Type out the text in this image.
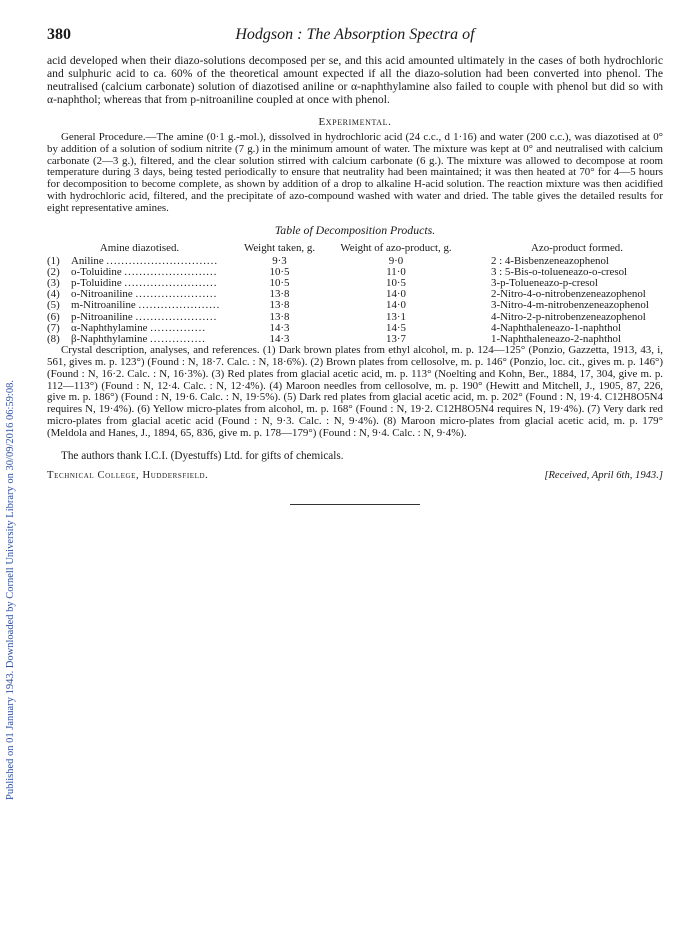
Published on 01 January 1943. Downloaded by Cornell University Library on 30/09/2016 06:59:08.
380	Hodgson : The Absorption Spectra of

acid developed when their diazo-solutions decomposed per se, and this acid amounted ultimately in the cases of both hydrochloric and sulphuric acid to ca. 60% of the theoretical amount expected if all the diazo-solution had been converted into phenol. The neutralised (calcium carbonate) solution of diazotised aniline or α-naphthylamine also failed to couple with phenol but did so with α-naphthol; whereas that from p-nitroaniline coupled at once with phenol.

Experimental.

General Procedure.—The amine (0·1 g.-mol.), dissolved in hydrochloric acid (24 c.c., d 1·16) and water (200 c.c.), was diazotised at 0° by addition of a solution of sodium nitrite (7 g.) in the minimum amount of water. The mixture was kept at 0° and neutralised with calcium carbonate (2—3 g.), filtered, and the clear solution stirred with calcium carbonate (6 g.). The mixture was allowed to decompose at room temperature during 3 days, being tested periodically to ensure that neutrality had been maintained; it was then heated at 70° for 4—5 hours for decomposition to become complete, as shown by addition of a drop to alkaline H-acid solution. The reaction mixture was then acidified with hydrochloric acid, filtered, and the precipitate of azo-compound washed with water and dried. The table gives the detailed results for eight representative amines.

Table of Decomposition Products.
Amine diazotised.	Weight taken, g.	Weight of azo-product, g.	Azo-product formed.
(1) Aniline ..............................	9·3	9·0	2 : 4-Bisbenzeneazophenol
(2) o-Toluidine .........................	10·5	11·0	3 : 5-Bis-o-tolueneazo-o-cresol
(3) p-Toluidine .........................	10·5	10·5	3-p-Tolueneazo-p-cresol
(4) o-Nitroaniline ......................	13·8	14·0	2-Nitro-4-o-nitrobenzeneazophenol
(5) m-Nitroaniline ......................	13·8	14·0	3-Nitro-4-m-nitrobenzeneazophenol
(6) p-Nitroaniline ......................	13·8	13·1	4-Nitro-2-p-nitrobenzeneazophenol
(7) α-Naphthylamine ...............	14·3	14·5	4-Naphthaleneazo-1-naphthol
(8) β-Naphthylamine ...............	14·3	13·7	1-Naphthaleneazo-2-naphthol

Crystal description, analyses, and references. (1) Dark brown plates from ethyl alcohol, m. p. 124—125° (Ponzio, Gazzetta, 1913, 43, i, 561, gives m. p. 123°) (Found : N, 18·7. Calc. : N, 18·6%). (2) Brown plates from cellosolve, m. p. 146° (Ponzio, loc. cit., gives m. p. 146°) (Found : N, 16·2. Calc. : N, 16·3%). (3) Red plates from glacial acetic acid, m. p. 113° (Noelting and Kohn, Ber., 1884, 17, 304, give m. p. 112—113°) (Found : N, 12·4. Calc. : N, 12·4%). (4) Maroon needles from cellosolve, m. p. 190° (Hewitt and Mitchell, J., 1905, 87, 226, give m. p. 186°) (Found : N, 19·6. Calc. : N, 19·5%). (5) Dark red plates from glacial acetic acid, m. p. 202° (Found : N, 19·4. C12H8O5N4 requires N, 19·4%). (6) Yellow micro-plates from alcohol, m. p. 168° (Found : N, 19·2. C12H8O5N4 requires N, 19·4%). (7) Very dark red micro-plates from glacial acetic acid (Found : N, 9·3. Calc. : N, 9·4%). (8) Maroon micro-plates from glacial acetic acid, m. p. 179° (Meldola and Hanes, J., 1894, 65, 836, give m. p. 178—179°) (Found : N, 9·4. Calc. : N, 9·4%).

The authors thank I.C.I. (Dyestuffs) Ltd. for gifts of chemicals.

Technical College, Huddersfield.	[Received, April 6th, 1943.]
